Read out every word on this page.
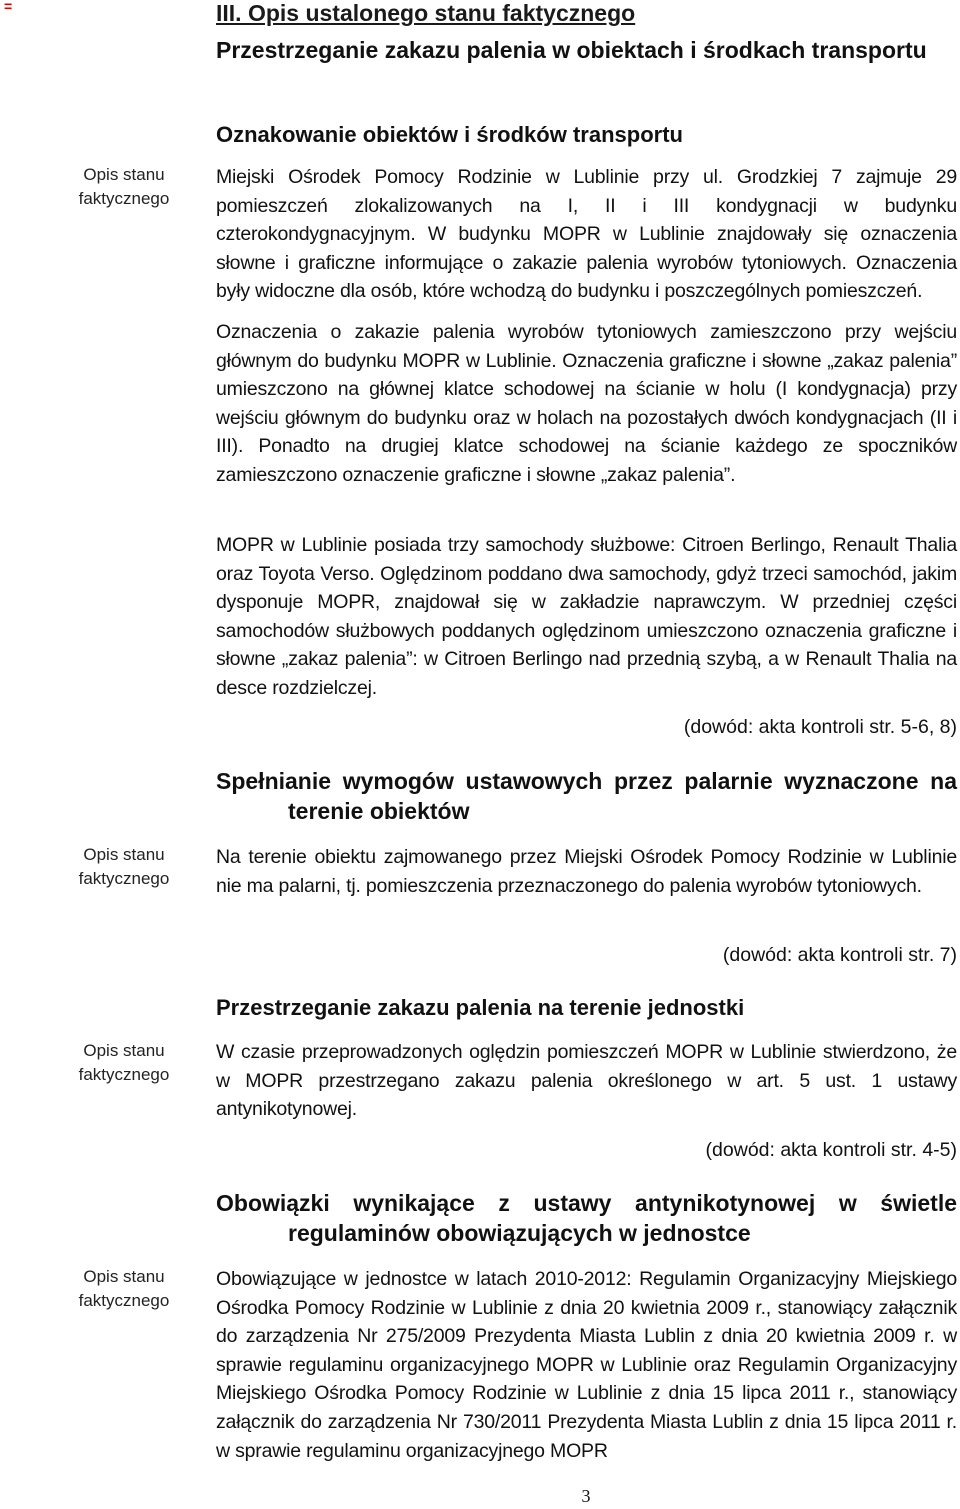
=	III. Opis ustalonego stanu faktycznego
Opis stanu faktycznego
Opis stanu faktycznego
Opis stanu faktycznego
Opis stanu faktycznego
Przestrzeganie zakazu palenia w obiektach i środkach transportu
Oznakowanie obiektów i środków transportu
Miejski Ośrodek Pomocy Rodzinie w Lublinie przy ul. Grodzkiej 7 zajmuje 29 pomieszczeń zlokalizowanych na I, II i III kondygnacji w budynku czterokondygnacyjnym. W budynku MOPR w Lublinie znajdowały się oznaczenia słowne i graficzne informujące o zakazie palenia wyrobów tytoniowych. Oznaczenia były widoczne dla osób, które wchodzą do budynku i poszczególnych pomieszczeń.
Oznaczenia o zakazie palenia wyrobów tytoniowych zamieszczono przy wejściu głównym do budynku MOPR w Lublinie. Oznaczenia graficzne i słowne „zakaz palenia” umieszczono na głównej klatce schodowej na ścianie w holu (I kondygnacja) przy wejściu głównym do budynku oraz w holach na pozostałych dwóch kondygnacjach (II i III). Ponadto na drugiej klatce schodowej na ścianie każdego ze spoczników zamieszczono oznaczenie graficzne i słowne „zakaz palenia”.
MOPR w Lublinie posiada trzy samochody służbowe: Citroen Berlingo, Renault Thalia oraz Toyota Verso. Oględzinom poddano dwa samochody, gdyż trzeci samochód, jakim dysponuje MOPR, znajdował się w zakładzie naprawczym. W przedniej części samochodów służbowych poddanych oględzinom umieszczono oznaczenia graficzne i słowne „zakaz palenia”: w Citroen Berlingo nad przednią szybą, a w Renault Thalia na desce rozdzielczej.
(dowód: akta kontroli str. 5-6, 8)
Spełnianie wymogów ustawowych przez palarnie wyznaczone na terenie obiektów
Na terenie obiektu zajmowanego przez Miejski Ośrodek Pomocy Rodzinie w Lublinie nie ma palarni, tj. pomieszczenia przeznaczonego do palenia wyrobów tytoniowych.
(dowód: akta kontroli str. 7)
Przestrzeganie zakazu palenia na terenie jednostki
W czasie przeprowadzonych oględzin pomieszczeń MOPR w Lublinie stwierdzono, że w MOPR przestrzegano zakazu palenia określonego w art. 5 ust. 1 ustawy antynikotynowej.
(dowód: akta kontroli str. 4-5)
Obowiązki wynikające z ustawy antynikotynowej w świetle regulaminów obowiązujących w jednostce
Obowiązujące w jednostce w latach 2010-2012: Regulamin Organizacyjny Miejskiego Ośrodka Pomocy Rodzinie w Lublinie z dnia 20 kwietnia 2009 r., stanowiący załącznik do zarządzenia Nr 275/2009 Prezydenta Miasta Lublin z dnia 20 kwietnia 2009 r. w sprawie regulaminu organizacyjnego MOPR w Lublinie oraz Regulamin Organizacyjny Miejskiego Ośrodka Pomocy Rodzinie w Lublinie z dnia 15 lipca 2011 r., stanowiący załącznik do zarządzenia Nr 730/2011 Prezydenta Miasta Lublin z dnia 15 lipca 2011 r. w sprawie regulaminu organizacyjnego MOPR
3
